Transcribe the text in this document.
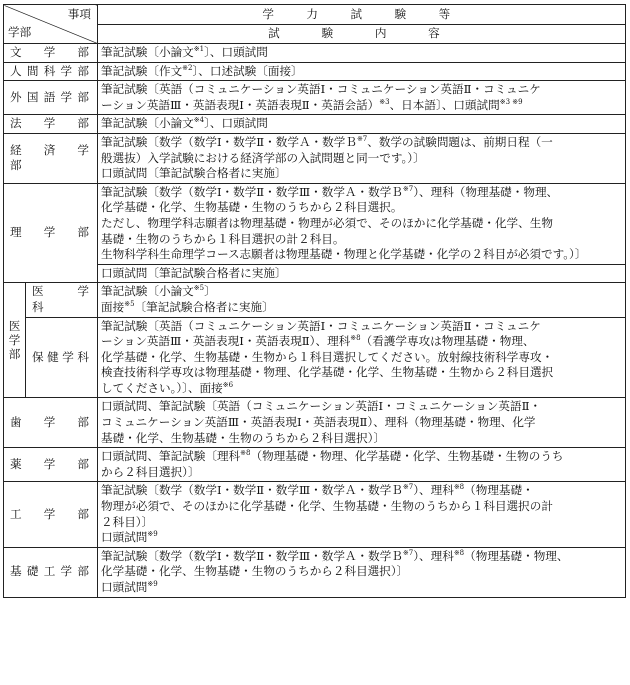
事項
学部		学　力　試　験　等
		試　験　内　容
文　学　部		筆記試験〔小論文$^{※1}$〕、口頭試問
人間科学部		筆記試験〔作文$^{※2}$〕、口述試験〔面接〕
外国語学部		筆記試験〔英語（コミュニケーション英語Ⅰ・コミュニケーション英語Ⅱ・コミュニケ

ーション英語Ⅲ・英語表現Ⅰ・英語表現Ⅱ・英語会話）$^{※3}$、日本語〕、口頭試問$^{※3 ※9}$

法　学　部		筆記試験〔小論文$^{※4}$〕、口頭試問
経　済　学　部		筆記試験〔数学（数学Ⅰ・数学Ⅱ・数学Ａ・数学Ｂ$^{※7}$、数学の試験問題は、前期日程（一

般選抜）入学試験における経済学部の入試問題と同一です。）〕

口頭試問〔筆記試験合格者に実施〕

理　学　部		筆記試験〔数学（数学Ⅰ・数学Ⅱ・数学Ⅲ・数学Ａ・数学Ｂ$^{※7}$）、理科（物理基礎・物理、

化学基礎・化学、生物基礎・生物のうちから２科目選択。

ただし、物理学科志願者は物理基礎・物理が必須で、そのほかに化学基礎・化学、生物

基礎・生物のうちから１科目選択の計２科目。

生物科学科生命理学コース志願者は物理基礎・物理と化学基礎・化学の２科目が必須です。）〕

		口頭試問〔筆記試験合格者に実施〕
医学部	医　学　科	筆記試験〔小論文$^{※5}$〕

面接$^{※5}$〔筆記試験合格者に実施〕

	保健学科	筆記試験〔英語（コミュニケーション英語Ⅰ・コミュニケーション英語Ⅱ・コミュニケ

ーション英語Ⅲ・英語表現Ⅰ・英語表現Ⅱ）、理科$^{※8}$（看護学専攻は物理基礎・物理、

化学基礎・化学、生物基礎・生物から１科目選択してください。放射線技術科学専攻・

検査技術科学専攻は物理基礎・物理、化学基礎・化学、生物基礎・生物から２科目選択

してください。）〕、面接$^{※6}$

歯　学　部		口頭試問、筆記試験〔英語（コミュニケーション英語Ⅰ・コミュニケーション英語Ⅱ・

コミュニケーション英語Ⅲ・英語表現Ⅰ・英語表現Ⅱ）、理科（物理基礎・物理、化学

基礎・化学、生物基礎・生物のうちから２科目選択）〕

薬　学　部		口頭試問、筆記試験〔理科$^{※8}$（物理基礎・物理、化学基礎・化学、生物基礎・生物のうち

から２科目選択）〕

工　学　部		筆記試験〔数学（数学Ⅰ・数学Ⅱ・数学Ⅲ・数学Ａ・数学Ｂ$^{※7}$）、理科$^{※8}$（物理基礎・

物理が必須で、そのほかに化学基礎・化学、生物基礎・生物のうちから１科目選択の計

２科目）〕

口頭試問$^{※9}$

基礎工学部		筆記試験〔数学（数学Ⅰ・数学Ⅱ・数学Ⅲ・数学Ａ・数学Ｂ$^{※7}$）、理科$^{※8}$（物理基礎・物理、

化学基礎・化学、生物基礎・生物のうちから２科目選択）〕

口頭試問$^{※9}$
